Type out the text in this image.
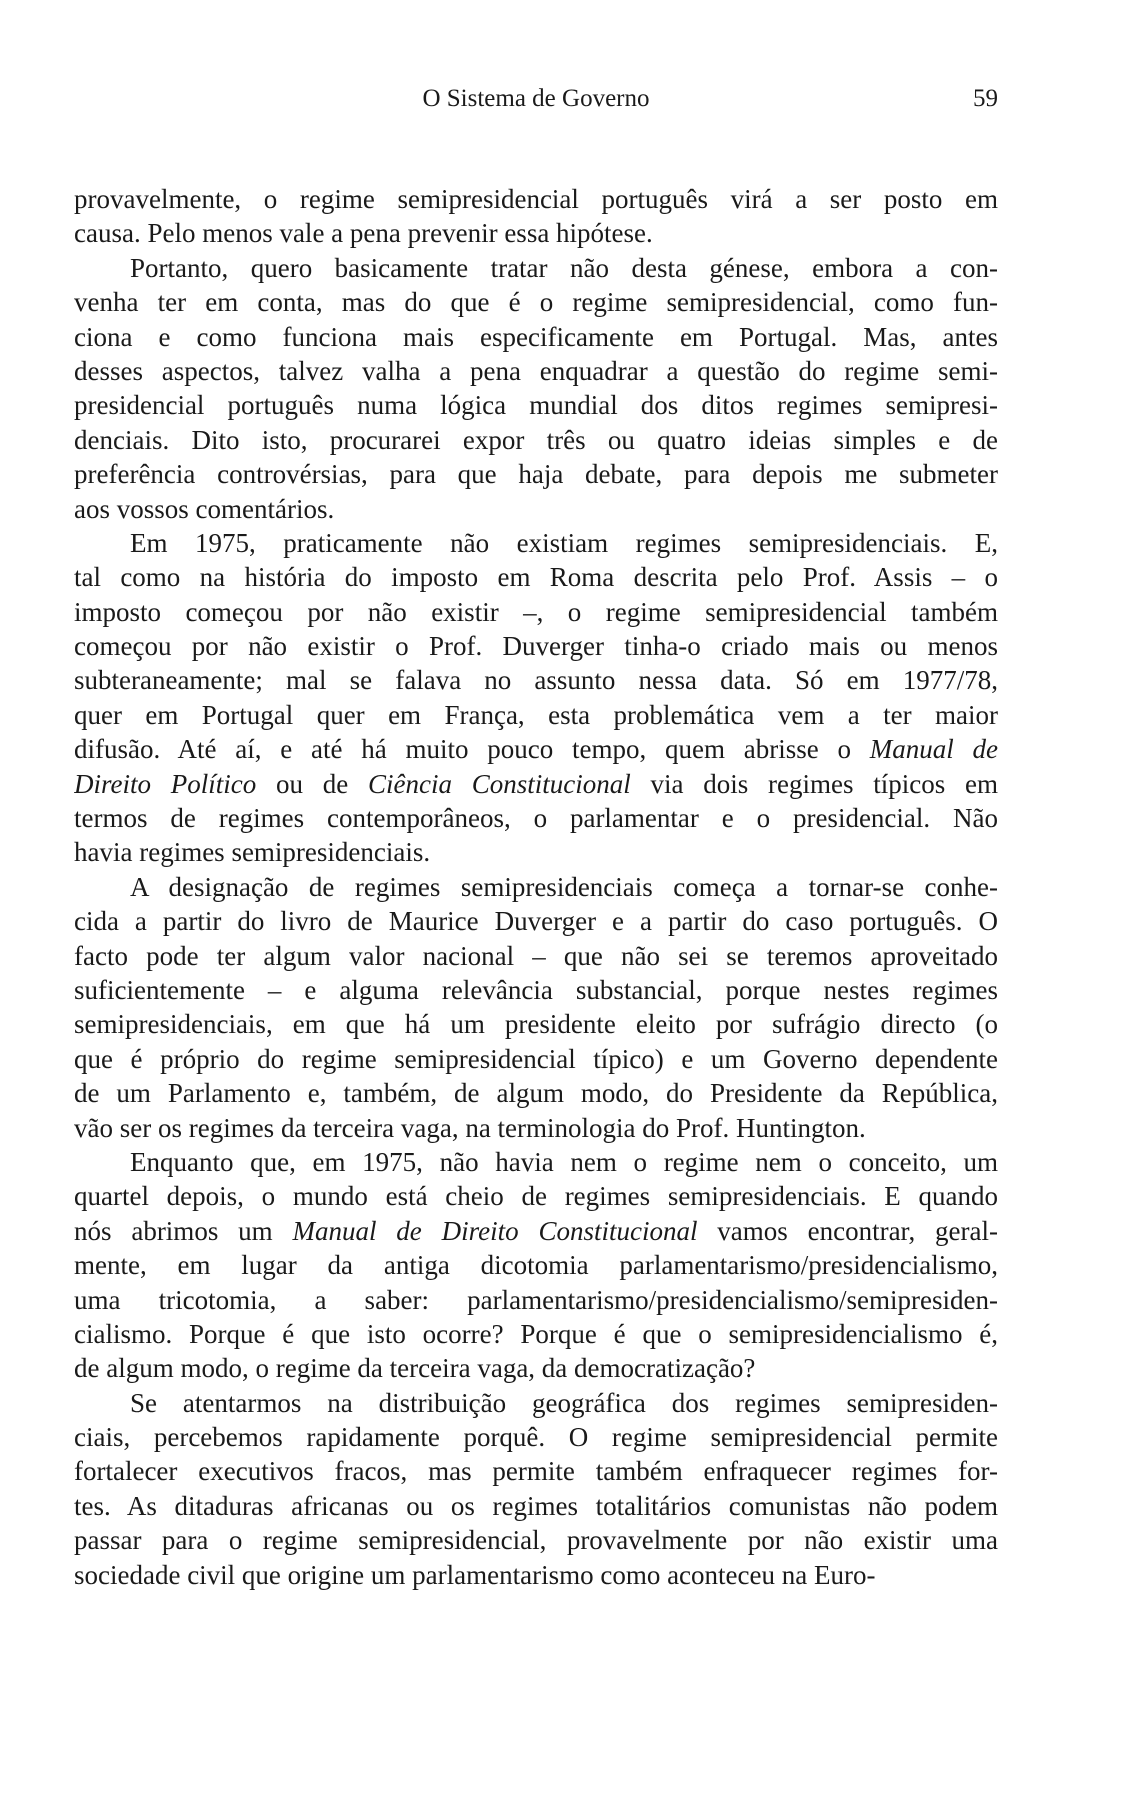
O Sistema de Governo	59
provavelmente, o regime semipresidencial português virá a ser posto em
causa. Pelo menos vale a pena prevenir essa hipótese.
Portanto, quero basicamente tratar não desta génese, embora a con-
venha ter em conta, mas do que é o regime semipresidencial, como fun-
ciona e como funciona mais especificamente em Portugal. Mas, antes
desses aspectos, talvez valha a pena enquadrar a questão do regime semi-
presidencial português numa lógica mundial dos ditos regimes semipresi-
denciais. Dito isto, procurarei expor três ou quatro ideias simples e de
preferência controvérsias, para que haja debate, para depois me submeter
aos vossos comentários.
Em 1975, praticamente não existiam regimes semipresidenciais. E,
tal como na história do imposto em Roma descrita pelo Prof. Assis – o
imposto começou por não existir –, o regime semipresidencial também
começou por não existir o Prof. Duverger tinha-o criado mais ou menos
subteraneamente; mal se falava no assunto nessa data. Só em 1977/78,
quer em Portugal quer em França, esta problemática vem a ter maior
difusão. Até aí, e até há muito pouco tempo, quem abrisse o Manual de
Direito Político ou de Ciência Constitucional via dois regimes típicos em
termos de regimes contemporâneos, o parlamentar e o presidencial. Não
havia regimes semipresidenciais.
A designação de regimes semipresidenciais começa a tornar-se conhe-
cida a partir do livro de Maurice Duverger e a partir do caso português. O
facto pode ter algum valor nacional – que não sei se teremos aproveitado
suficientemente – e alguma relevância substancial, porque nestes regimes
semipresidenciais, em que há um presidente eleito por sufrágio directo (o
que é próprio do regime semipresidencial típico) e um Governo dependente
de um Parlamento e, também, de algum modo, do Presidente da República,
vão ser os regimes da terceira vaga, na terminologia do Prof. Huntington.
Enquanto que, em 1975, não havia nem o regime nem o conceito, um
quartel depois, o mundo está cheio de regimes semipresidenciais. E quando
nós abrimos um Manual de Direito Constitucional vamos encontrar, geral-
mente, em lugar da antiga dicotomia parlamentarismo/presidencialismo,
uma tricotomia, a saber: parlamentarismo/presidencialismo/semipresiden-
cialismo. Porque é que isto ocorre? Porque é que o semipresidencialismo é,
de algum modo, o regime da terceira vaga, da democratização?
Se atentarmos na distribuição geográfica dos regimes semipresiden-
ciais, percebemos rapidamente porquê. O regime semipresidencial permite
fortalecer executivos fracos, mas permite também enfraquecer regimes for-
tes. As ditaduras africanas ou os regimes totalitários comunistas não podem
passar para o regime semipresidencial, provavelmente por não existir uma
sociedade civil que origine um parlamentarismo como aconteceu na Euro-
